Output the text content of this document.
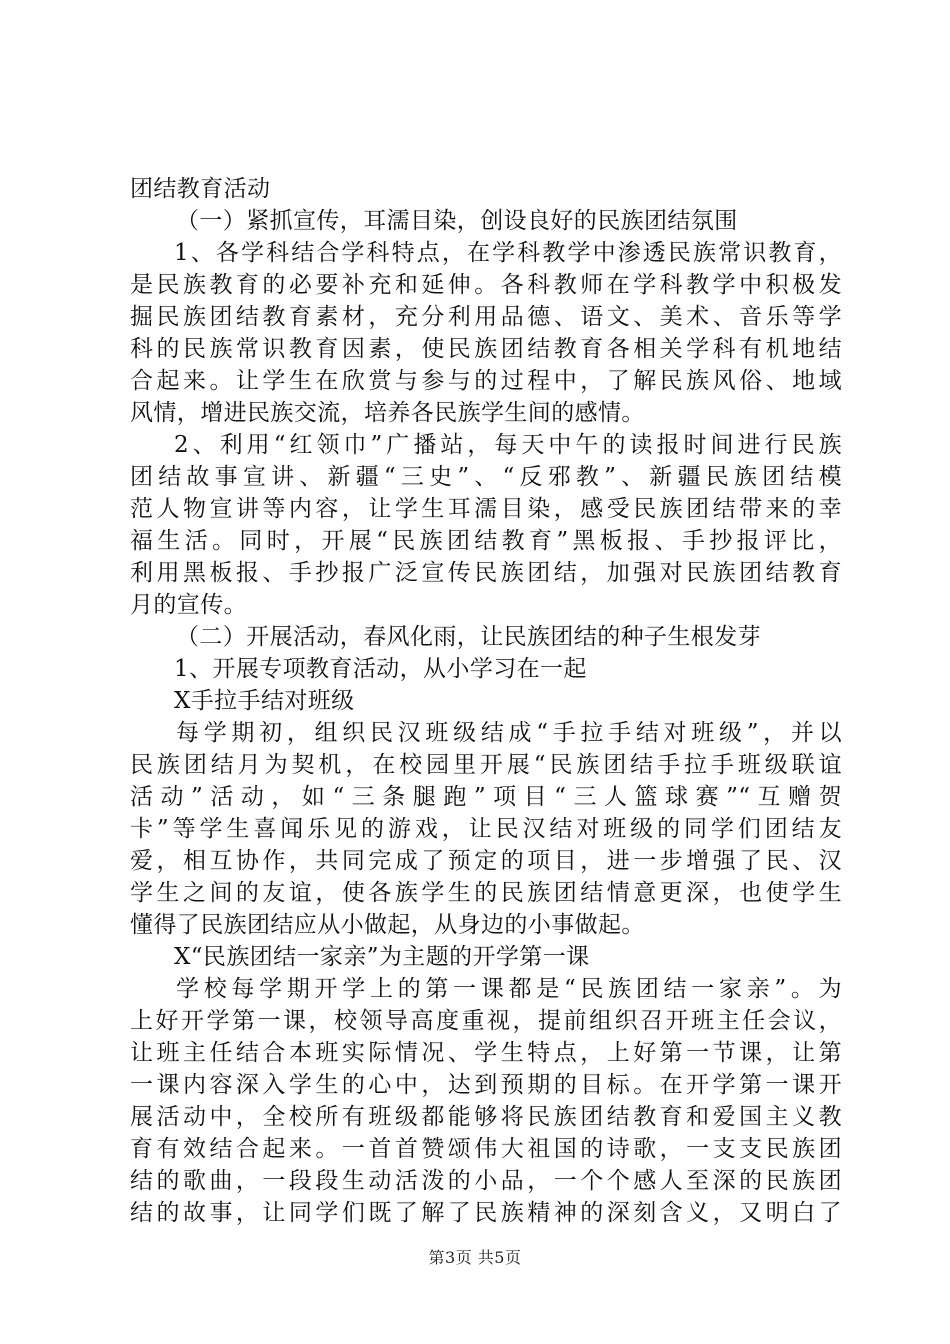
团结教育活动
（一）紧抓宣传，耳濡目染，创设良好的民族团结氛围
1、各学科结合学科特点，在学科教学中渗透民族常识教育，
是民族教育的必要补充和延伸。各科教师在学科教学中积极发
掘民族团结教育素材，充分利用品德、语文、美术、音乐等学
科的民族常识教育因素，使民族团结教育各相关学科有机地结
合起来。让学生在欣赏与参与的过程中，了解民族风俗、地域
风情，增进民族交流，培养各民族学生间的感情。
2、利用“红领巾”广播站，每天中午的读报时间进行民族
团结故事宣讲、新疆“三史”、“反邪教”、新疆民族团结模
范人物宣讲等内容，让学生耳濡目染，感受民族团结带来的幸
福生活。同时，开展“民族团结教育”黑板报、手抄报评比，
利用黑板报、手抄报广泛宣传民族团结，加强对民族团结教育
月的宣传。
（二）开展活动，春风化雨，让民族团结的种子生根发芽
1、开展专项教育活动，从小学习在一起
X手拉手结对班级
每学期初，组织民汉班级结成“手拉手结对班级”，并以
民族团结月为契机，在校园里开展“民族团结手拉手班级联谊
活动”活动，如“三条腿跑”项目“三人篮球赛”“互赠贺
卡”等学生喜闻乐见的游戏，让民汉结对班级的同学们团结友
爱，相互协作，共同完成了预定的项目，进一步增强了民、汉
学生之间的友谊，使各族学生的民族团结情意更深，也使学生
懂得了民族团结应从小做起，从身边的小事做起。
X“民族团结一家亲”为主题的开学第一课
学校每学期开学上的第一课都是“民族团结一家亲”。为
上好开学第一课，校领导高度重视，提前组织召开班主任会议，
让班主任结合本班实际情况、学生特点，上好第一节课，让第
一课内容深入学生的心中，达到预期的目标。在开学第一课开
展活动中，全校所有班级都能够将民族团结教育和爱国主义教
育有效结合起来。一首首赞颂伟大祖国的诗歌，一支支民族团
结的歌曲，一段段生动活泼的小品，一个个感人至深的民族团
结的故事，让同学们既了解了民族精神的深刻含义，又明白了
第3页 共5页
